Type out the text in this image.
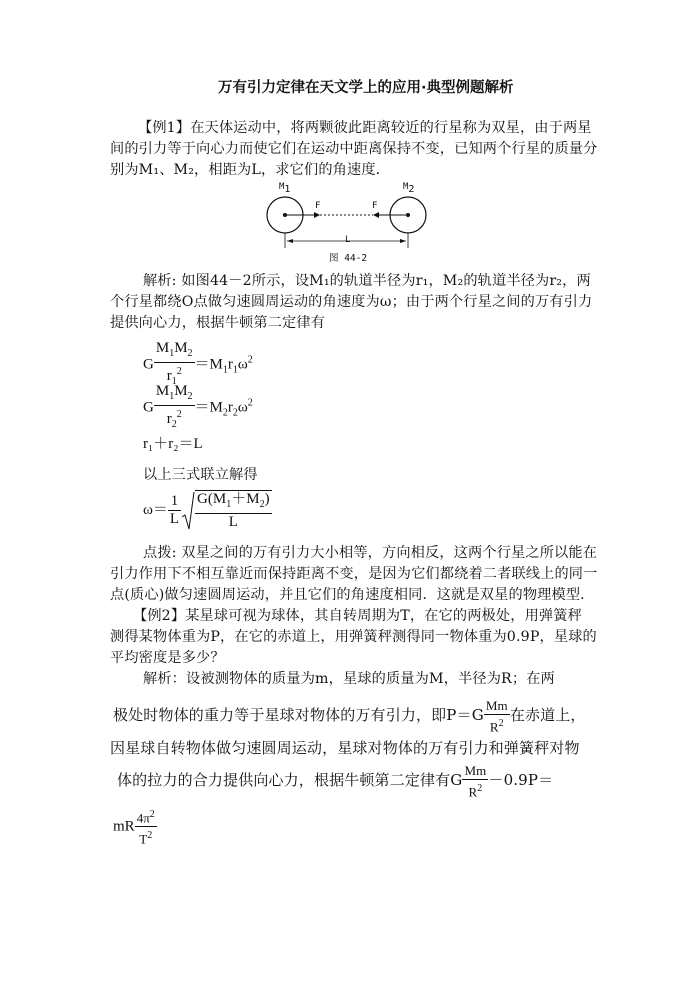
万有引力定律在天文学上的应用·典型例题解析
【例1】在天体运动中，将两颗彼此距离较近的行星称为双星，由于两星
间的引力等于向心力而使它们在运动中距离保持不变，已知两个行星的质量分
别为M₁、M₂，相距为L，求它们的角速度．
$M_1$	$M_2$
F	F
L
图 44-2
解析: 如图44－2所示，设M₁的轨道半径为r₁，M₂的轨道半径为r₂，两
个行星都绕O点做匀速圆周运动的角速度为ω；由于两个行星之间的万有引力
提供向心力，根据牛顿第二定律有
G $\frac{M_1M_2}{r_1^2} =M_1r_1\omega^2$
G $\frac{M_1M_2}{r_2^2} =M_2r_2\omega^2$
r₁＋r₂＝L
以上三式联立解得
$\omega= \frac{1}{L} \frac{G(M_1+M_2)}{L}$
点拨: 双星之间的万有引力大小相等，方向相反，这两个行星之所以能在
引力作用下不相互靠近而保持距离不变，是因为它们都绕着二者联线上的同一
点(质心)做匀速圆周运动，并且它们的角速度相同．这就是双星的物理模型．
【例2】某星球可视为球体，其自转周期为T，在它的两极处，用弹簧秤
测得某物体重为P，在它的赤道上，用弹簧秤测得同一物体重为0.9P，星球的
平均密度是多少？
解析：设被测物体的质量为m，星球的质量为M，半径为R；在两
极处时物体的重力等于星球对物体的万有引力，即$P=G \frac{Mm}{R^2}$ 在赤道上，
因星球自转物体做匀速圆周运动，星球对物体的万有引力和弹簧秤对物
体的拉力的合力提供向心力，根据牛顿第二定律有G $\frac{Mm}{R^2} -0.9P=$
mR $\frac{4\pi^2}{T^2}$
